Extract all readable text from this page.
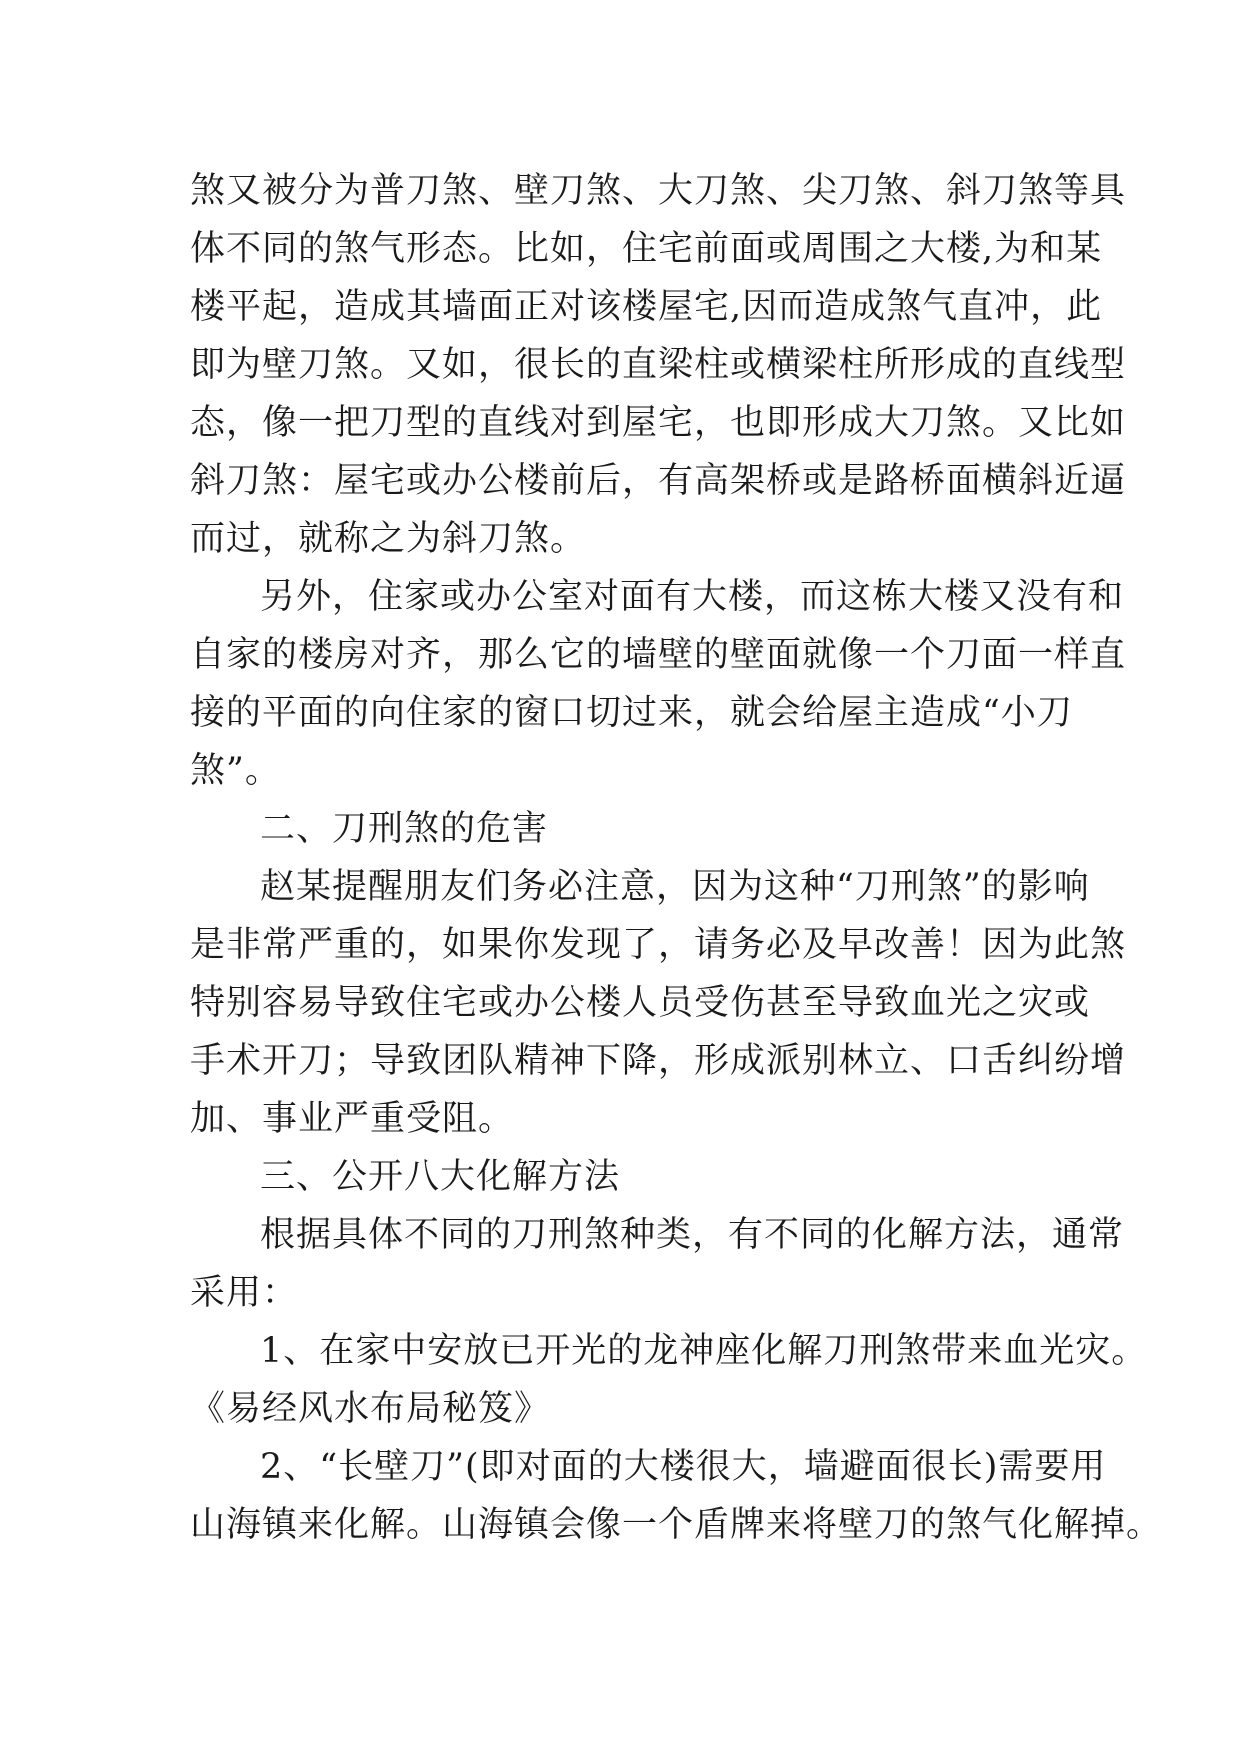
煞又被分为普刀煞、壁刀煞、大刀煞、尖刀煞、斜刀煞等具
体不同的煞气形态。比如，住宅前面或周围之大楼,为和某
楼平起，造成其墙面正对该楼屋宅,因而造成煞气直冲，此
即为壁刀煞。又如，很长的直梁柱或横梁柱所形成的直线型
态，像一把刀型的直线对到屋宅，也即形成大刀煞。又比如
斜刀煞：屋宅或办公楼前后，有高架桥或是路桥面横斜近逼
而过，就称之为斜刀煞。
另外，住家或办公室对面有大楼，而这栋大楼又没有和
自家的楼房对齐，那么它的墙壁的壁面就像一个刀面一样直
接的平面的向住家的窗口切过来，就会给屋主造成“小刀
煞”。
二、刀刑煞的危害
赵某提醒朋友们务必注意，因为这种“刀刑煞”的影响
是非常严重的，如果你发现了，请务必及早改善！因为此煞
特别容易导致住宅或办公楼人员受伤甚至导致血光之灾或
手术开刀；导致团队精神下降，形成派别林立、口舌纠纷增
加、事业严重受阻。
三、公开八大化解方法
根据具体不同的刀刑煞种类，有不同的化解方法，通常
采用：
1、在家中安放已开光的龙神座化解刀刑煞带来血光灾。
《易经风水布局秘笈》
2、“长壁刀”(即对面的大楼很大，墙避面很长)需要用
山海镇来化解。山海镇会像一个盾牌来将壁刀的煞气化解掉。
